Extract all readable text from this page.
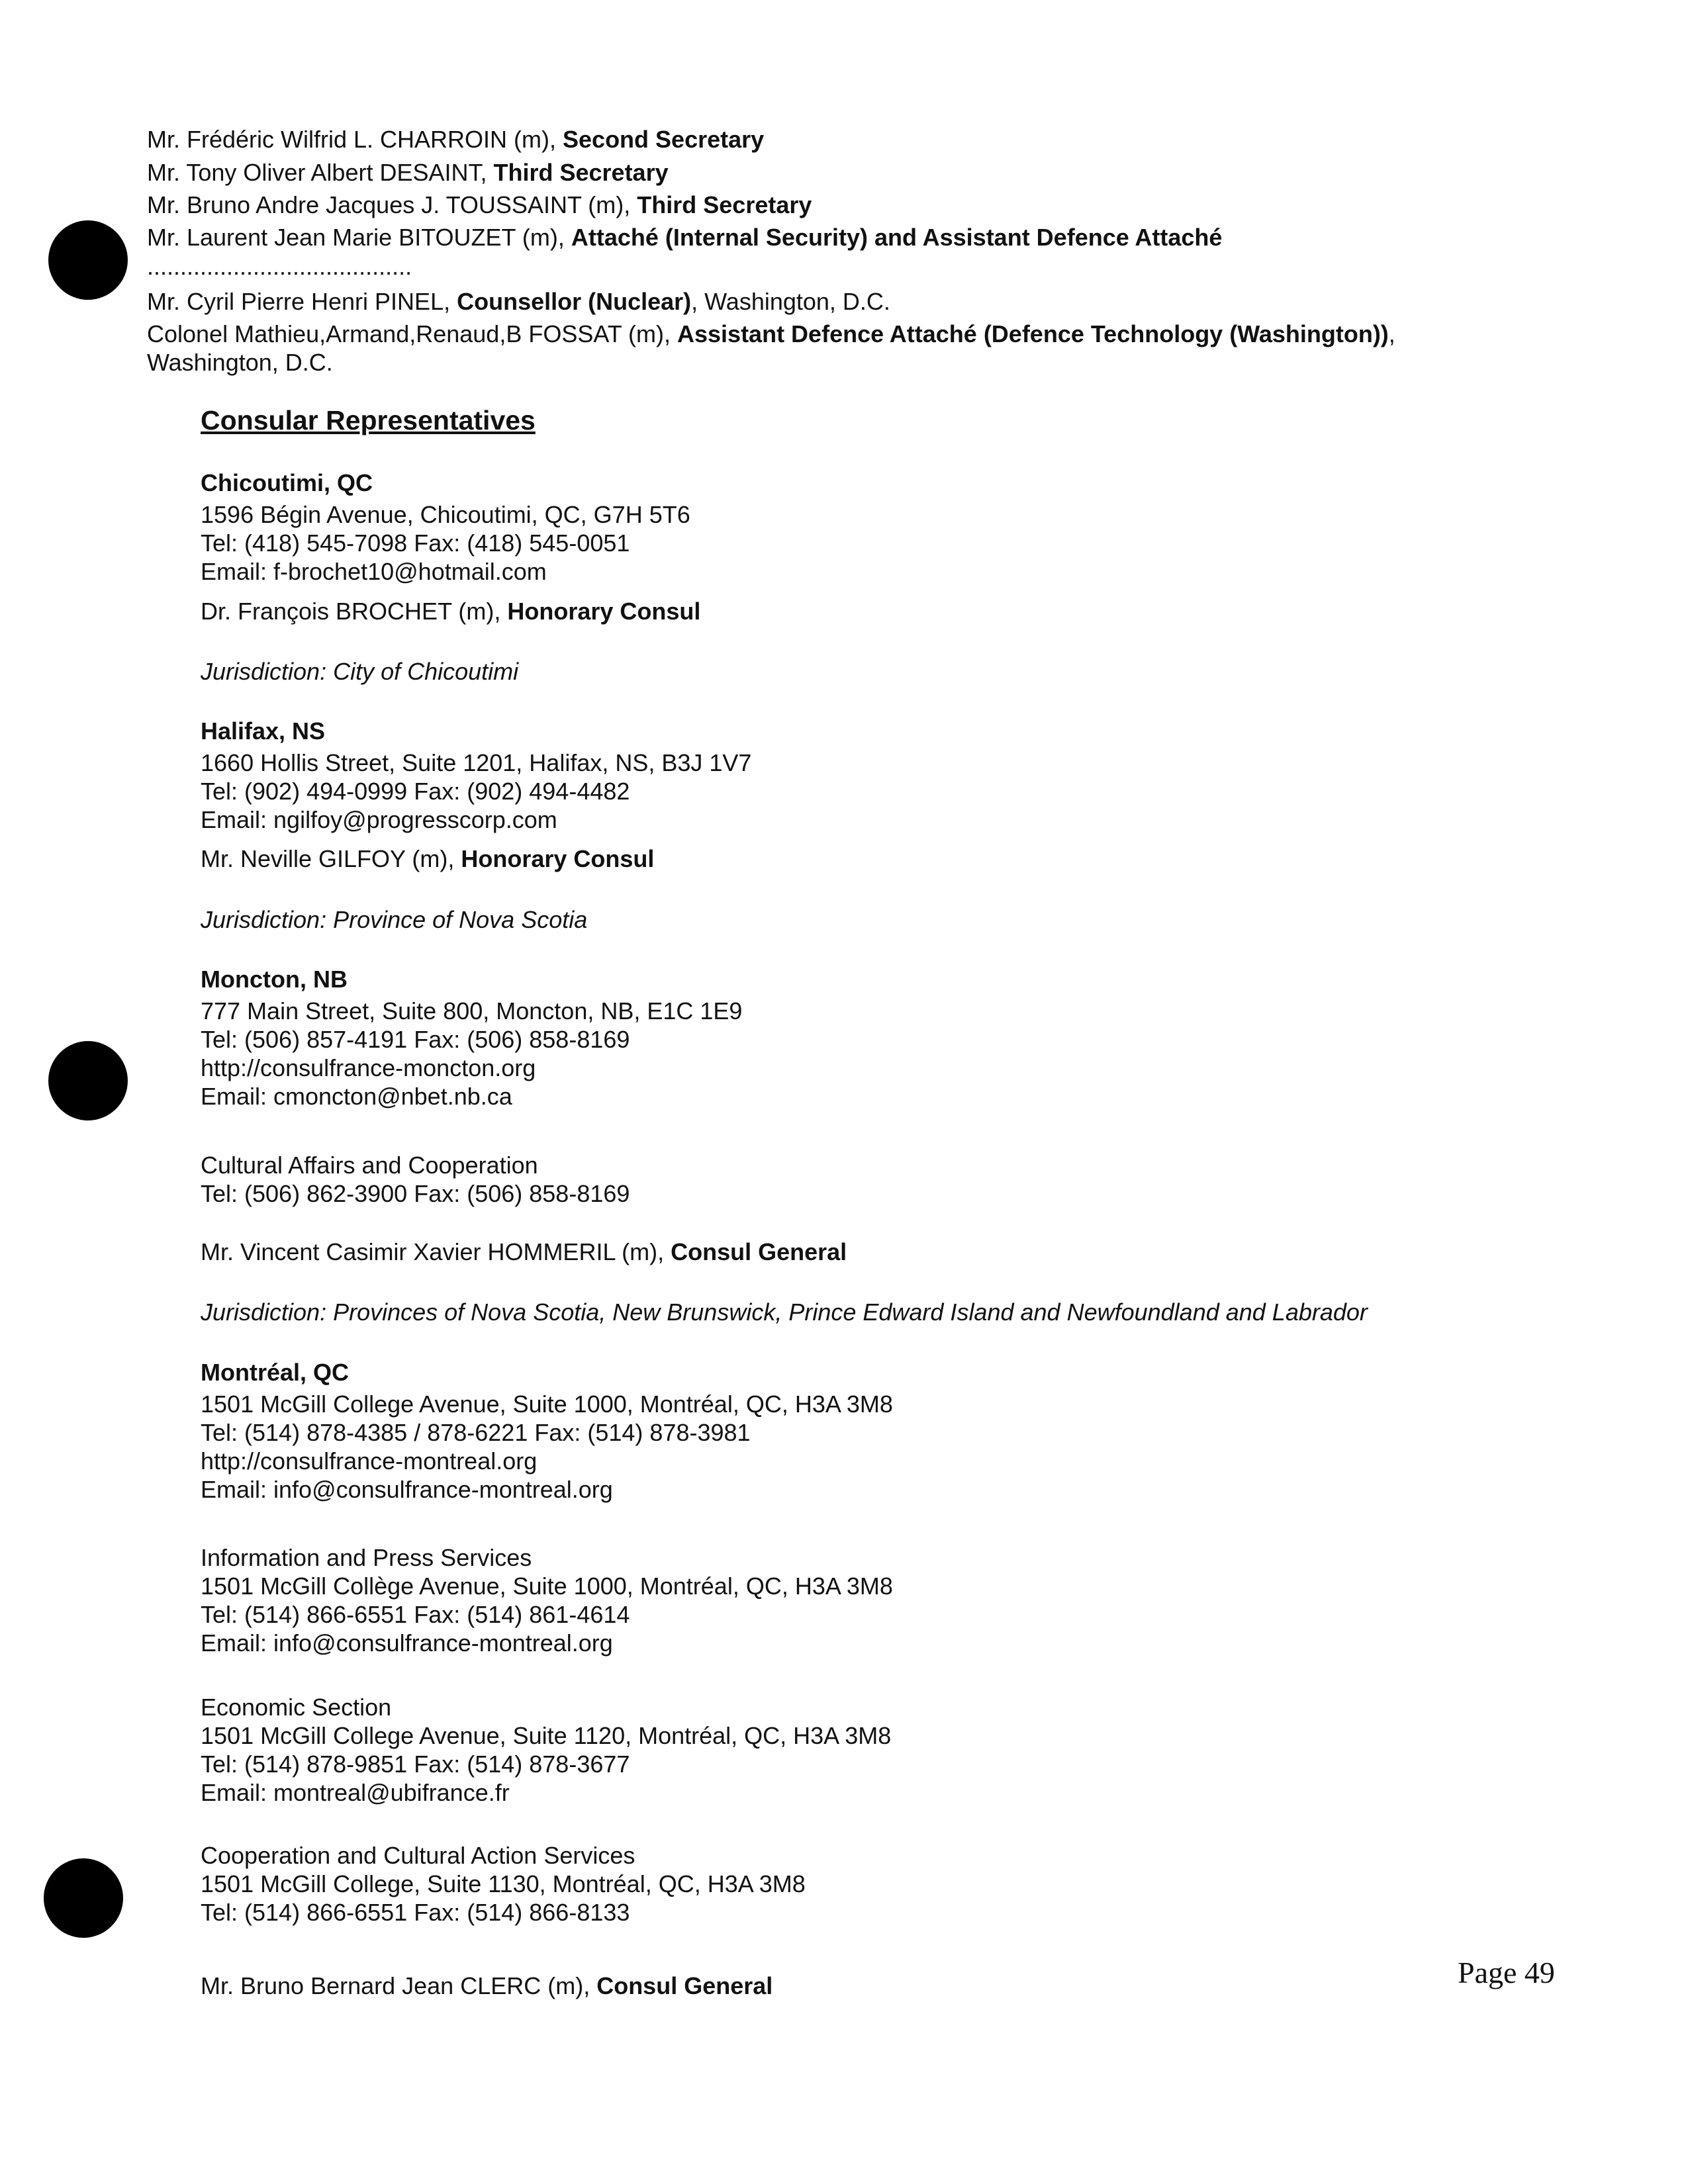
Mr. Frédéric Wilfrid L. CHARROIN (m), Second Secretary
Mr. Tony Oliver Albert DESAINT, Third Secretary
Mr. Bruno Andre Jacques J. TOUSSAINT (m), Third Secretary
Mr. Laurent Jean Marie BITOUZET (m), Attaché (Internal Security) and Assistant Defence Attaché
........................................
Mr. Cyril Pierre Henri PINEL, Counsellor (Nuclear), Washington, D.C.
Colonel Mathieu,Armand,Renaud,B FOSSAT (m), Assistant Defence Attaché (Defence Technology (Washington)),
Washington, D.C.
Consular Representatives
Chicoutimi, QC
1596 Bégin Avenue, Chicoutimi, QC, G7H 5T6
Tel: (418) 545-7098 Fax: (418) 545-0051
Email: f-brochet10@hotmail.com
Dr. François BROCHET (m), Honorary Consul
Jurisdiction: City of Chicoutimi
Halifax, NS
1660 Hollis Street, Suite 1201, Halifax, NS, B3J 1V7
Tel: (902) 494-0999 Fax: (902) 494-4482
Email: ngilfoy@progresscorp.com
Mr. Neville GILFOY (m), Honorary Consul
Jurisdiction: Province of Nova Scotia
Moncton, NB
777 Main Street, Suite 800, Moncton, NB, E1C 1E9
Tel: (506) 857-4191 Fax: (506) 858-8169
http://consulfrance-moncton.org
Email: cmoncton@nbet.nb.ca
Cultural Affairs and Cooperation
Tel: (506) 862-3900 Fax: (506) 858-8169
Mr. Vincent Casimir Xavier HOMMERIL (m), Consul General
Jurisdiction: Provinces of Nova Scotia, New Brunswick, Prince Edward Island and Newfoundland and Labrador
Montréal, QC
1501 McGill College Avenue, Suite 1000, Montréal, QC, H3A 3M8
Tel: (514) 878-4385 / 878-6221 Fax: (514) 878-3981
http://consulfrance-montreal.org
Email: info@consulfrance-montreal.org
Information and Press Services
1501 McGill Collège Avenue, Suite 1000, Montréal, QC, H3A 3M8
Tel: (514) 866-6551 Fax: (514) 861-4614
Email: info@consulfrance-montreal.org
Economic Section
1501 McGill College Avenue, Suite 1120, Montréal, QC, H3A 3M8
Tel: (514) 878-9851 Fax: (514) 878-3677
Email: montreal@ubifrance.fr
Cooperation and Cultural Action Services
1501 McGill College, Suite 1130, Montréal, QC, H3A 3M8
Tel: (514) 866-6551 Fax: (514) 866-8133
Mr. Bruno Bernard Jean CLERC (m), Consul General	Page 49
